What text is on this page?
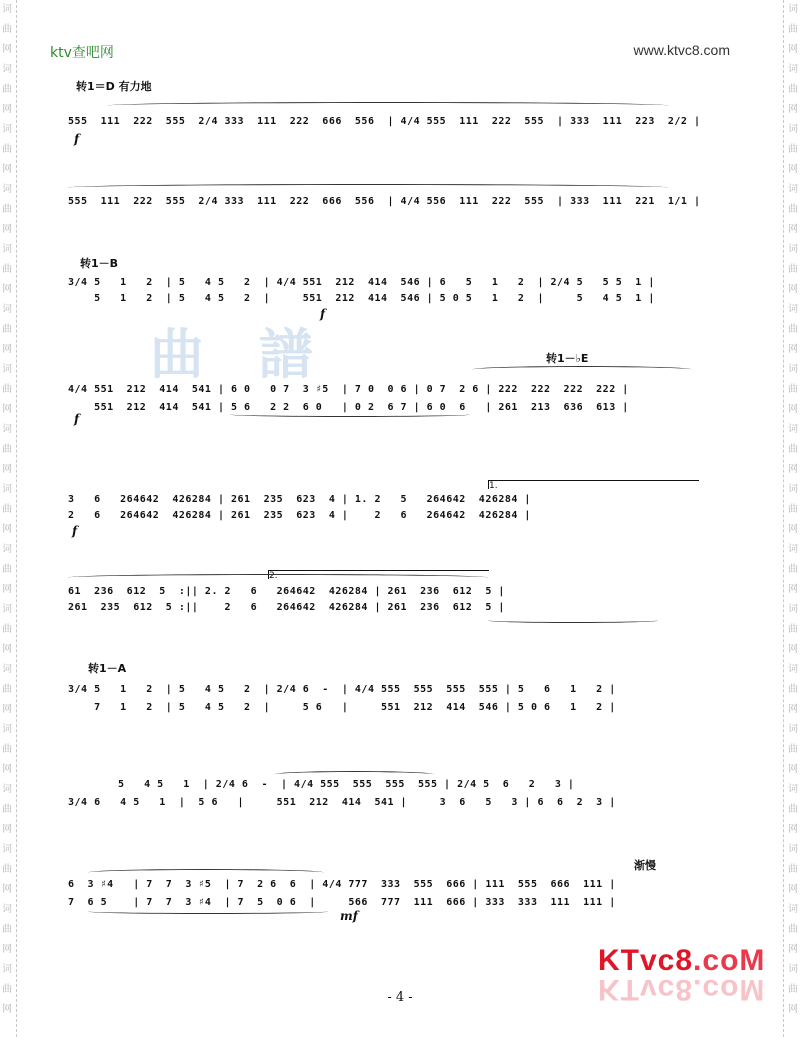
ktv查吧网	www.ktvc8.com
词曲网词曲网词曲网词曲网词曲网词曲网词曲网词曲网词曲网词曲网词曲网词曲网词曲网词曲网词曲网词曲网词曲网
词曲网词曲网词曲网词曲网词曲网词曲网词曲网词曲网词曲网词曲网词曲网词曲网词曲网词曲网词曲网词曲网词曲网
曲 譜
转1＝D 有力地
555  111  222  555  2/4 333  111  222  666  556  | 4/4 555  111  222  555  | 333  111  223  2/2 |
f
555  111  222  555  2/4 333  111  222  666  556  | 4/4 556  111  222  555  | 333  111  221  1/1 |
转1－B
3/4 5   1   2  | 5   4 5   2  | 4/4 551  212  414  546 | 6   5   1   2  | 2/4 5   5 5  1 |
5   1   2  | 5   4 5   2  |     551  212  414  546 | 5 0 5   1   2  |     5   4 5  1 |
f
转1－♭E
4/4 551  212  414  541 | 6 0   0 7  3 ♯5  | 7 0  0 6 | 0 7  2 6 | 222  222  222  222 |
551  212  414  541 | 5 6   2 2  6 0   | 0 2  6 7 | 6 0  6   | 261  213  636  613 |
f
1.
3   6   264642  426284 | 261  235  623  4 | 1. 2   5   264642  426284 |
2   6   264642  426284 | 261  235  623  4 |    2   6   264642  426284 |
f
2.
61  236  612  5  :|| 2. 2   6   264642  426284 | 261  236  612  5 |
261  235  612  5 :||    2   6   264642  426284 | 261  236  612  5 |
转1－A
3/4 5   1   2  | 5   4 5   2  | 2/4 6  -  | 4/4 555  555  555  555 | 5   6   1   2 |
7   1   2  | 5   4 5   2  |     5 6   |     551  212  414  546 | 5 0 6   1   2 |
5   4 5   1  | 2/4 6  -  | 4/4 555  555  555  555 | 2/4 5  6   2   3 |
3/4 6   4 5   1  |  5 6   |     551  212  414  541 |     3  6   5   3 | 6  6  2  3 |
渐慢
6  3 ♯4   | 7  7  3 ♯5  | 7  2 6  6  | 4/4 777  333  555  666 | 111  555  666  111 |
7  6 5    | 7  7  3 ♯4  | 7  5  0 6  |     566  777  111  666 | 333  333  111  111 |
mf
KTvc8.coM
KTvc8.coM
- 4 -
